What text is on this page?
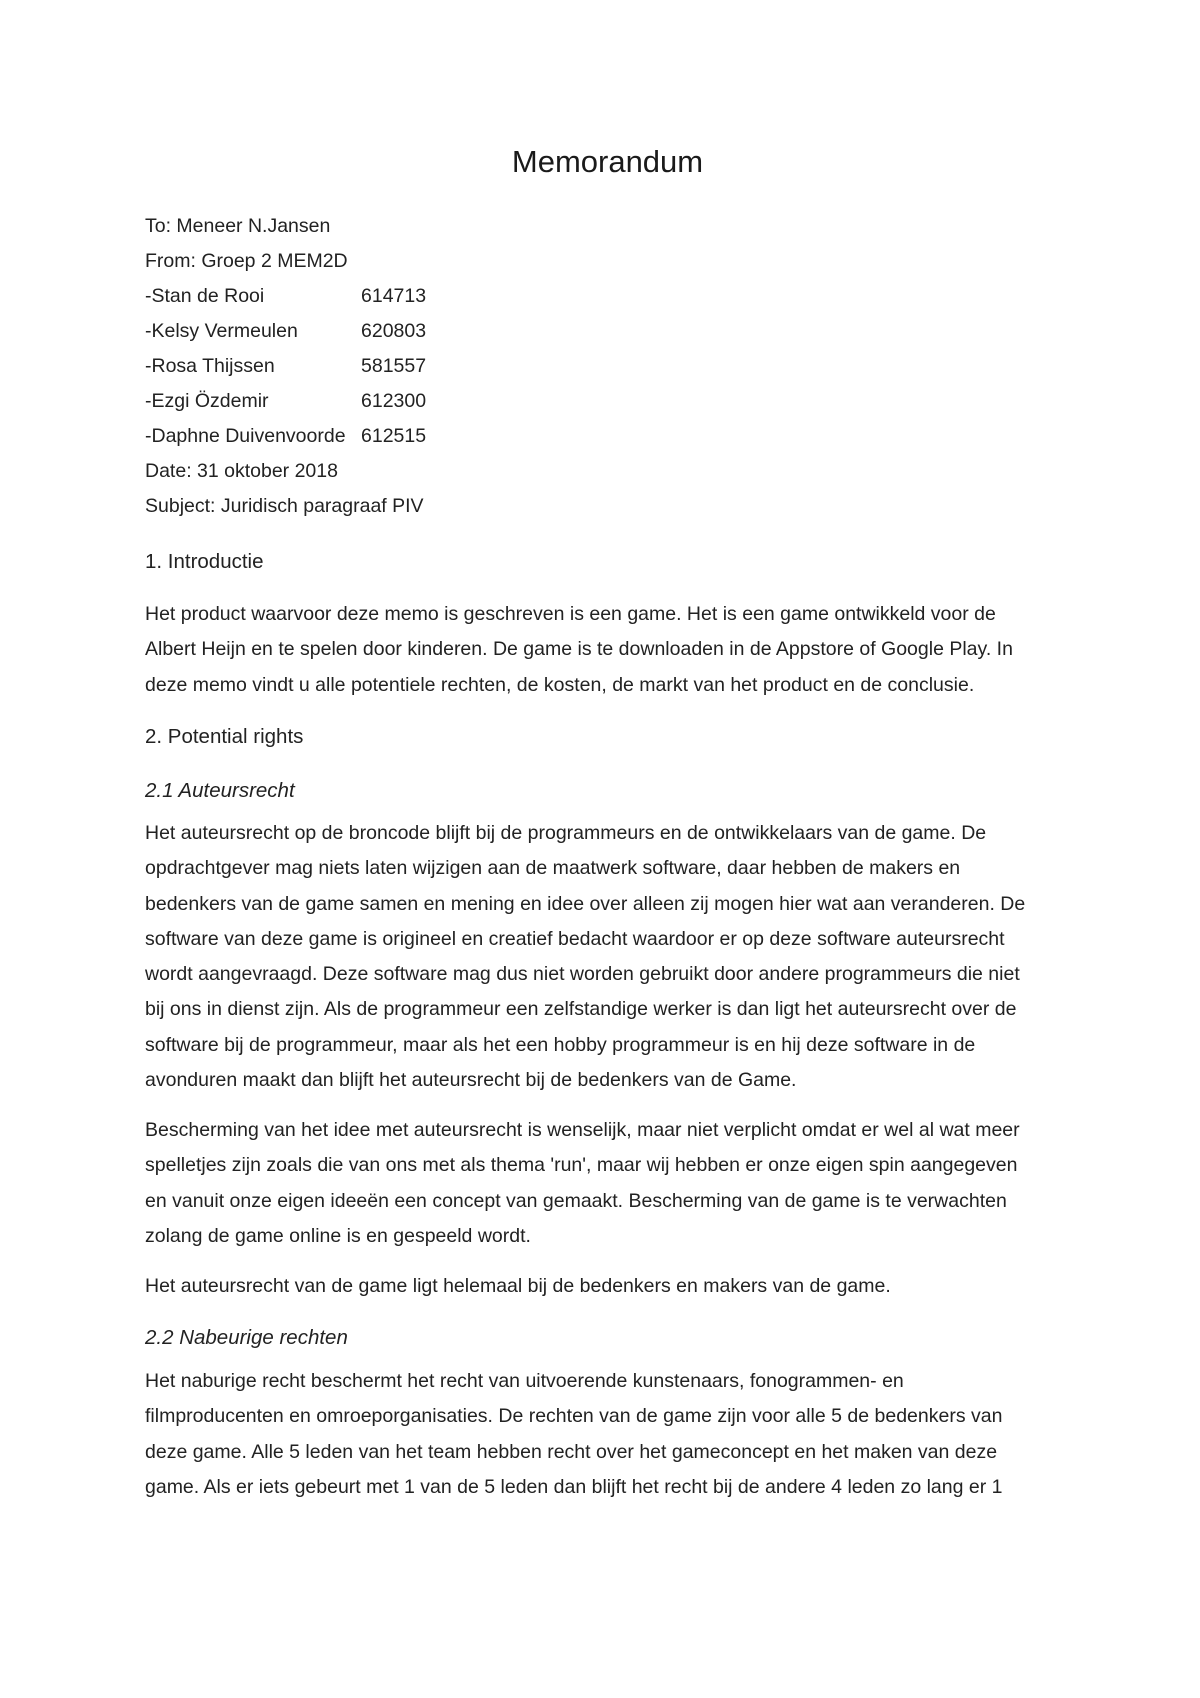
Memorandum
To: Meneer N.Jansen
From: Groep 2 MEM2D
-Stan de Rooi	614713
-Kelsy Vermeulen	620803
-Rosa Thijssen	581557
-Ezgi Özdemir	612300
-Daphne Duivenvoorde 612515
Date: 31 oktober 2018
Subject: Juridisch paragraaf PIV
1. Introductie
Het product waarvoor deze memo is geschreven is een game. Het is een game ontwikkeld voor de
Albert Heijn en te spelen door kinderen. De game is te downloaden in de Appstore of Google Play. In
deze memo vindt u alle potentiele rechten, de kosten, de markt van het product en de conclusie.
2. Potential rights
2.1 Auteursrecht
Het auteursrecht op de broncode blijft bij de programmeurs en de ontwikkelaars van de game. De
opdrachtgever mag niets laten wijzigen aan de maatwerk software, daar hebben de makers en
bedenkers van de game samen en mening en idee over alleen zij mogen hier wat aan veranderen. De
software van deze game is origineel en creatief bedacht waardoor er op deze software auteursrecht
wordt aangevraagd. Deze software mag dus niet worden gebruikt door andere programmeurs die niet
bij ons in dienst zijn. Als de programmeur een zelfstandige werker is dan ligt het auteursrecht over de
software bij de programmeur, maar als het een hobby programmeur is en hij deze software in de
avonduren maakt dan blijft het auteursrecht bij de bedenkers van de Game.
Bescherming van het idee met auteursrecht is wenselijk, maar niet verplicht omdat er wel al wat meer
spelletjes zijn zoals die van ons met als thema 'run', maar wij hebben er onze eigen spin aangegeven
en vanuit onze eigen ideeën een concept van gemaakt. Bescherming van de game is te verwachten
zolang de game online is en gespeeld wordt.
Het auteursrecht van de game ligt helemaal bij de bedenkers en makers van de game.
2.2 Nabeurige rechten
Het naburige recht beschermt het recht van uitvoerende kunstenaars, fonogrammen- en
filmproducenten en omroeporganisaties. De rechten van de game zijn voor alle 5 de bedenkers van
deze game. Alle 5 leden van het team hebben recht over het gameconcept en het maken van deze
game. Als er iets gebeurt met 1 van de 5 leden dan blijft het recht bij de andere 4 leden zo lang er 1
